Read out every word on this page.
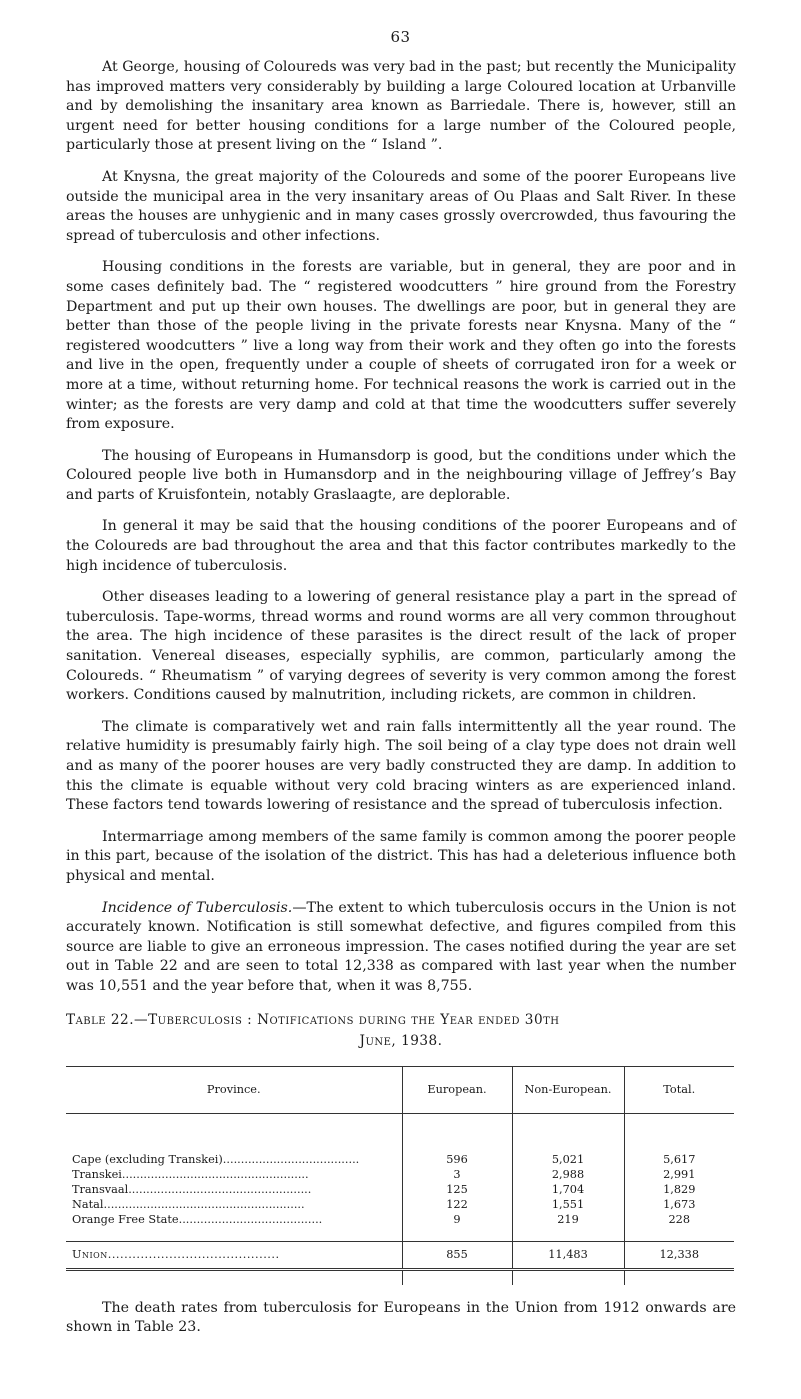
63

At George, housing of Coloureds was very bad in the past; but recently the Municipality has improved matters very considerably by building a large Coloured location at Urbanville and by demolishing the insanitary area known as Barriedale. There is, however, still an urgent need for better housing conditions for a large number of the Coloured people, particularly those at present living on the “ Island ”.

At Knysna, the great majority of the Coloureds and some of the poorer Europeans live outside the municipal area in the very insanitary areas of Ou Plaas and Salt River. In these areas the houses are unhygienic and in many cases grossly overcrowded, thus favouring the spread of tuberculosis and other infections.

Housing conditions in the forests are variable, but in general, they are poor and in some cases definitely bad. The “ registered woodcutters ” hire ground from the Forestry Department and put up their own houses. The dwellings are poor, but in general they are better than those of the people living in the private forests near Knysna. Many of the “ registered woodcutters ” live a long way from their work and they often go into the forests and live in the open, frequently under a couple of sheets of corrugated iron for a week or more at a time, without returning home. For technical reasons the work is carried out in the winter; as the forests are very damp and cold at that time the woodcutters suffer severely from exposure.

The housing of Europeans in Humansdorp is good, but the conditions under which the Coloured people live both in Humansdorp and in the neighbouring village of Jeffrey’s Bay and parts of Kruisfontein, notably Graslaagte, are deplorable.

In general it may be said that the housing conditions of the poorer Europeans and of the Coloureds are bad throughout the area and that this factor contributes markedly to the high incidence of tuberculosis.

Other diseases leading to a lowering of general resistance play a part in the spread of tuberculosis. Tape-worms, thread worms and round worms are all very common throughout the area. The high incidence of these parasites is the direct result of the lack of proper sanitation. Venereal diseases, especially syphilis, are common, particularly among the Coloureds. “ Rheumatism ” of varying degrees of severity is very common among the forest workers. Conditions caused by malnutrition, including rickets, are common in children.

The climate is comparatively wet and rain falls intermittently all the year round. The relative humidity is presumably fairly high. The soil being of a clay type does not drain well and as many of the poorer houses are very badly constructed they are damp. In addition to this the climate is equable without very cold bracing winters as are experienced inland. These factors tend towards lowering of resistance and the spread of tuberculosis infection.

Intermarriage among members of the same family is common among the poorer people in this part, because of the isolation of the district. This has had a deleterious influence both physical and mental.

Incidence of Tuberculosis.—The extent to which tuberculosis occurs in the Union is not accurately known. Notification is still somewhat defective, and figures compiled from this source are liable to give an erroneous impression. The cases notified during the year are set out in Table 22 and are seen to total 12,338 as compared with last year when the number was 10,551 and the year before that, when it was 8,755.

Table 22.—Tuberculosis : Notifications during the Year ended 30th
June, 1938.
Province.	European.	Non-European.	Total.

Cape (excluding Transkei)......................................	596	5,021	5,617
Transkei....................................................	3	2,988	2,991
Transvaal...................................................	125	1,704	1,829
Natal........................................................	122	1,551	1,673
Orange Free State........................................	9	219	228

Union..........................................	855	11,483	12,338

The death rates from tuberculosis for Europeans in the Union from 1912 onwards are shown in Table 23.
